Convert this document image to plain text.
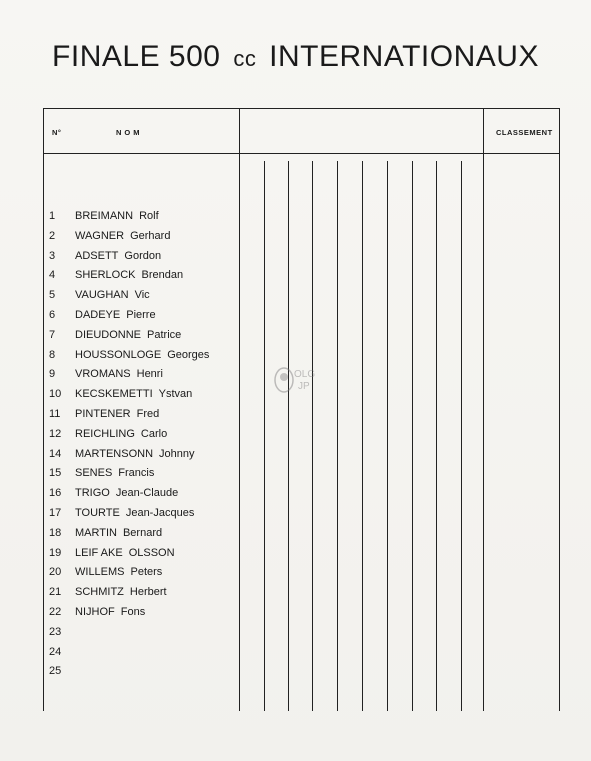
FINALE 500 cc INTERNATIONAUX
N°	NOM	CLASSEMENT
1 BREIMANN Rolf
2 WAGNER Gerhard
3 ADSETT Gordon
4 SHERLOCK Brendan
5 VAUGHAN Vic
6 DADEYE Pierre
7 DIEUDONNE Patrice
8 HOUSSONLOGE Georges
9 VROMANS Henri
10 KECSKEMETTI Ystvan
11 PINTENER Fred
12 REICHLING Carlo
14 MARTENSONN Johnny
15 SENES Francis
16 TRIGO Jean-Claude
17 TOURTE Jean-Jacques
18 MARTIN Bernard
19 LEIF AKE OLSSON
20 WILLEMS Peters
21 SCHMITZ Herbert
22 NIJHOF Fons
23
24
25
OLG
JP
